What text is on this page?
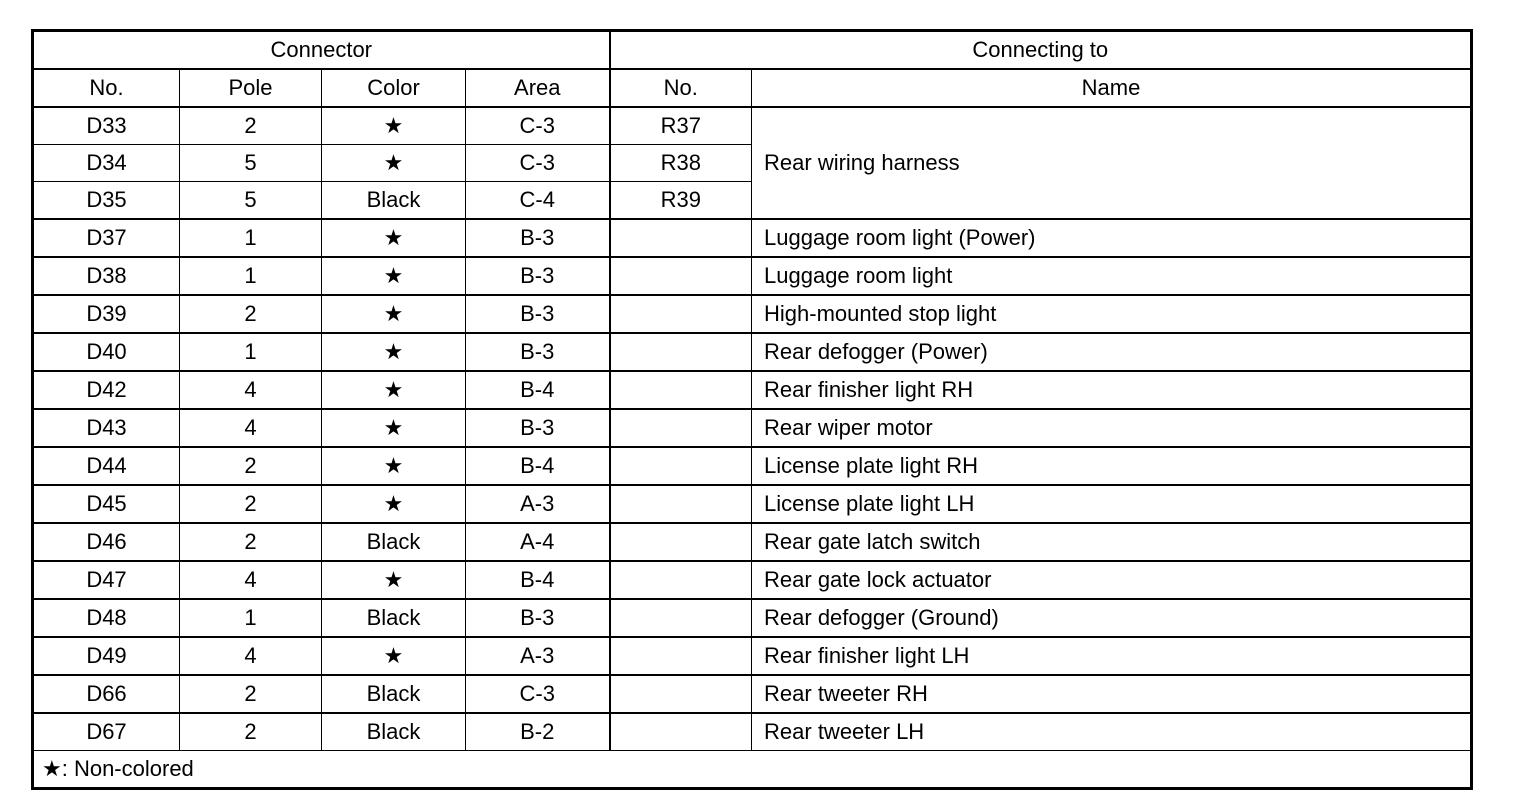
Connector				Connecting to	
No.	Pole	Color	Area	No.	Name
D33	2	★	C-3	R37	Rear wiring harness
D34	5	★	C-3	R38	
D35	5	Black	C-4	R39	
D37	1	★	B-3		Luggage room light (Power)
D38	1	★	B-3		Luggage room light
D39	2	★	B-3		High-mounted stop light
D40	1	★	B-3		Rear defogger (Power)
D42	4	★	B-4		Rear finisher light RH
D43	4	★	B-3		Rear wiper motor
D44	2	★	B-4		License plate light RH
D45	2	★	A-3		License plate light LH
D46	2	Black	A-4		Rear gate latch switch
D47	4	★	B-4		Rear gate lock actuator
D48	1	Black	B-3		Rear defogger (Ground)
D49	4	★	A-3		Rear finisher light LH
D66	2	Black	C-3		Rear tweeter RH
D67	2	Black	B-2		Rear tweeter LH
★: Non-colored					
